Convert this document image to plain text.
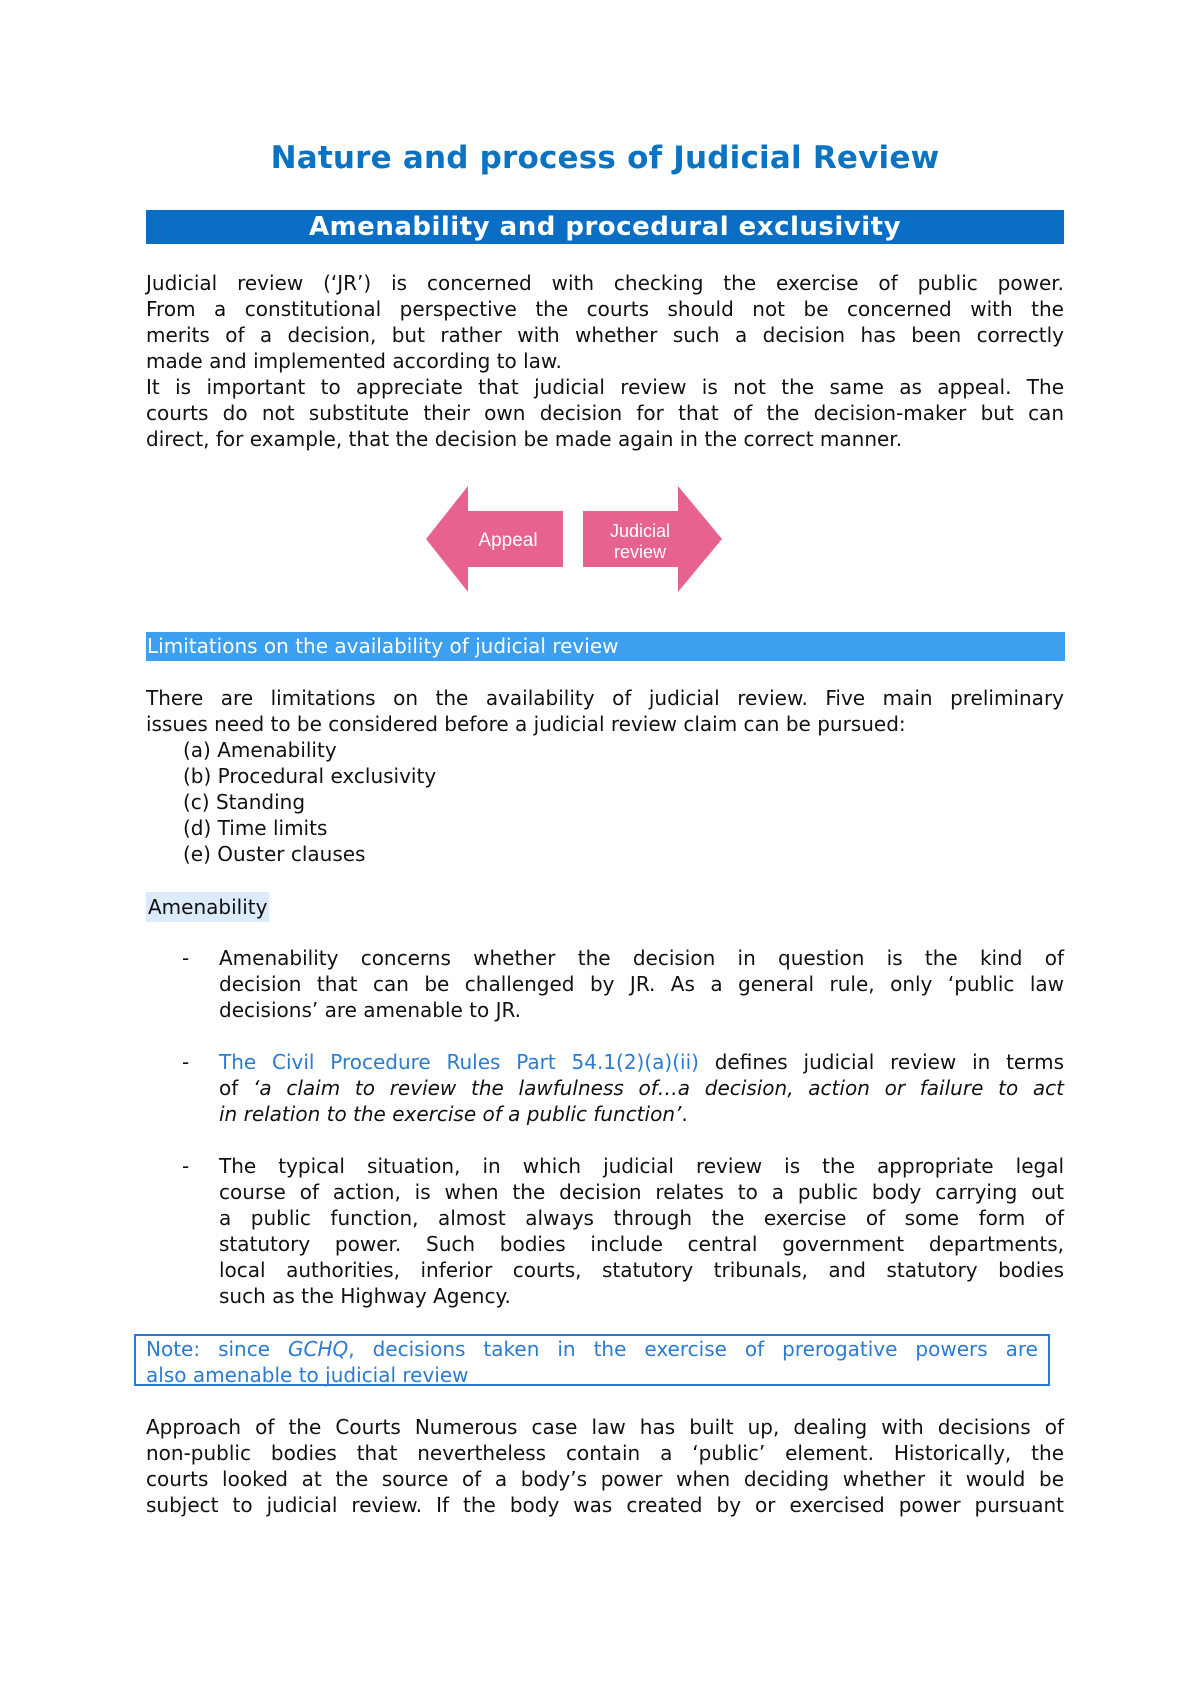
Nature and process of Judicial Review
Amenability and procedural exclusivity
Judicial review (‘JR’) is concerned with checking the exercise of public power.
From a constitutional perspective the courts should not be concerned with the
merits of a decision, but rather with whether such a decision has been correctly
made and implemented according to law.
It is important to appreciate that judicial review is not the same as appeal. The
courts do not substitute their own decision for that of the decision-maker but can
direct, for example, that the decision be made again in the correct manner.
Appeal	Judicial
review
Limitations on the availability of judicial review
There are limitations on the availability of judicial review. Five main preliminary
issues need to be considered before a judicial review claim can be pursued:
(a) Amenability
(b) Procedural exclusivity
(c) Standing
(d) Time limits
(e) Ouster clauses
Amenability
- Amenability concerns whether the decision in question is the kind of
decision that can be challenged by JR. As a general rule, only ‘public law
decisions’ are amenable to JR.
- The Civil Procedure Rules Part 54.1(2)(a)(ii) defines judicial review in terms
of ‘a claim to review the lawfulness of…a decision, action or failure to act
in relation to the exercise of a public function’.
- The typical situation, in which judicial review is the appropriate legal
course of action, is when the decision relates to a public body carrying out
a public function, almost always through the exercise of some form of
statutory power. Such bodies include central government departments,
local authorities, inferior courts, statutory tribunals, and statutory bodies
such as the Highway Agency.
Note: since GCHQ, decisions taken in the exercise of prerogative powers are
also amenable to judicial review
Approach of the Courts Numerous case law has built up, dealing with decisions of
non-public bodies that nevertheless contain a ‘public’ element. Historically, the
courts looked at the source of a body’s power when deciding whether it would be
subject to judicial review. If the body was created by or exercised power pursuant
